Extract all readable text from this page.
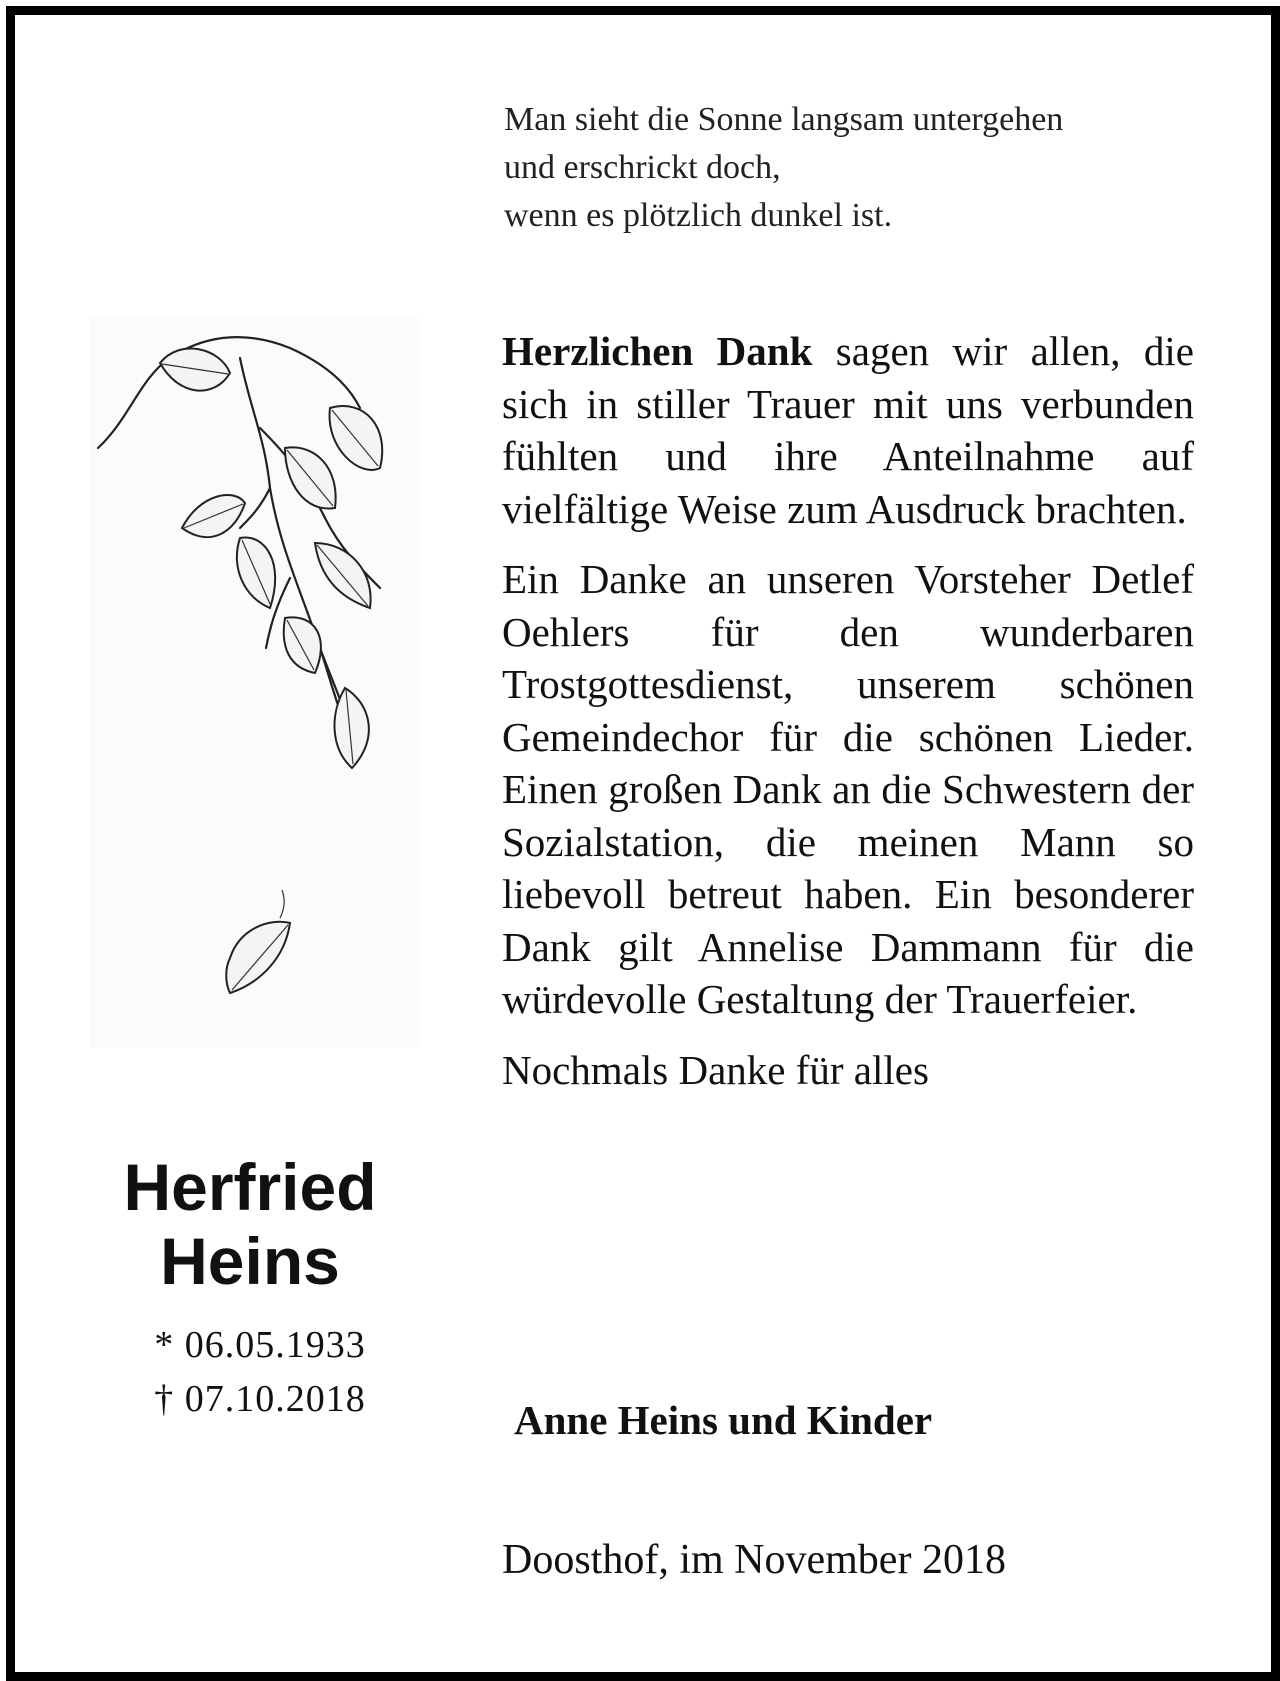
Herfried
Heins
* 06.05.1933
† 07.10.2018
Man sieht die Sonne langsam untergehen
und erschrickt doch,
wenn es plötzlich dunkel ist.

Herzlichen Dank sagen wir allen, die sich in stiller Trauer mit uns verbunden fühlten und ihre Anteilnahme auf vielfältige Weise zum Ausdruck brachten.

Ein Danke an unseren Vorsteher Detlef Oehlers für den wunderbaren Trostgottesdienst, unserem schönen Gemeindechor für die schönen Lieder. Einen großen Dank an die Schwestern der Sozialstation, die meinen Mann so liebevoll betreut haben. Ein besonderer Dank gilt Annelise Dammann für die würdevolle Gestaltung der Trauerfeier.

Nochmals Danke für alles

Anne Heins und Kinder
Doosthof, im November 2018
